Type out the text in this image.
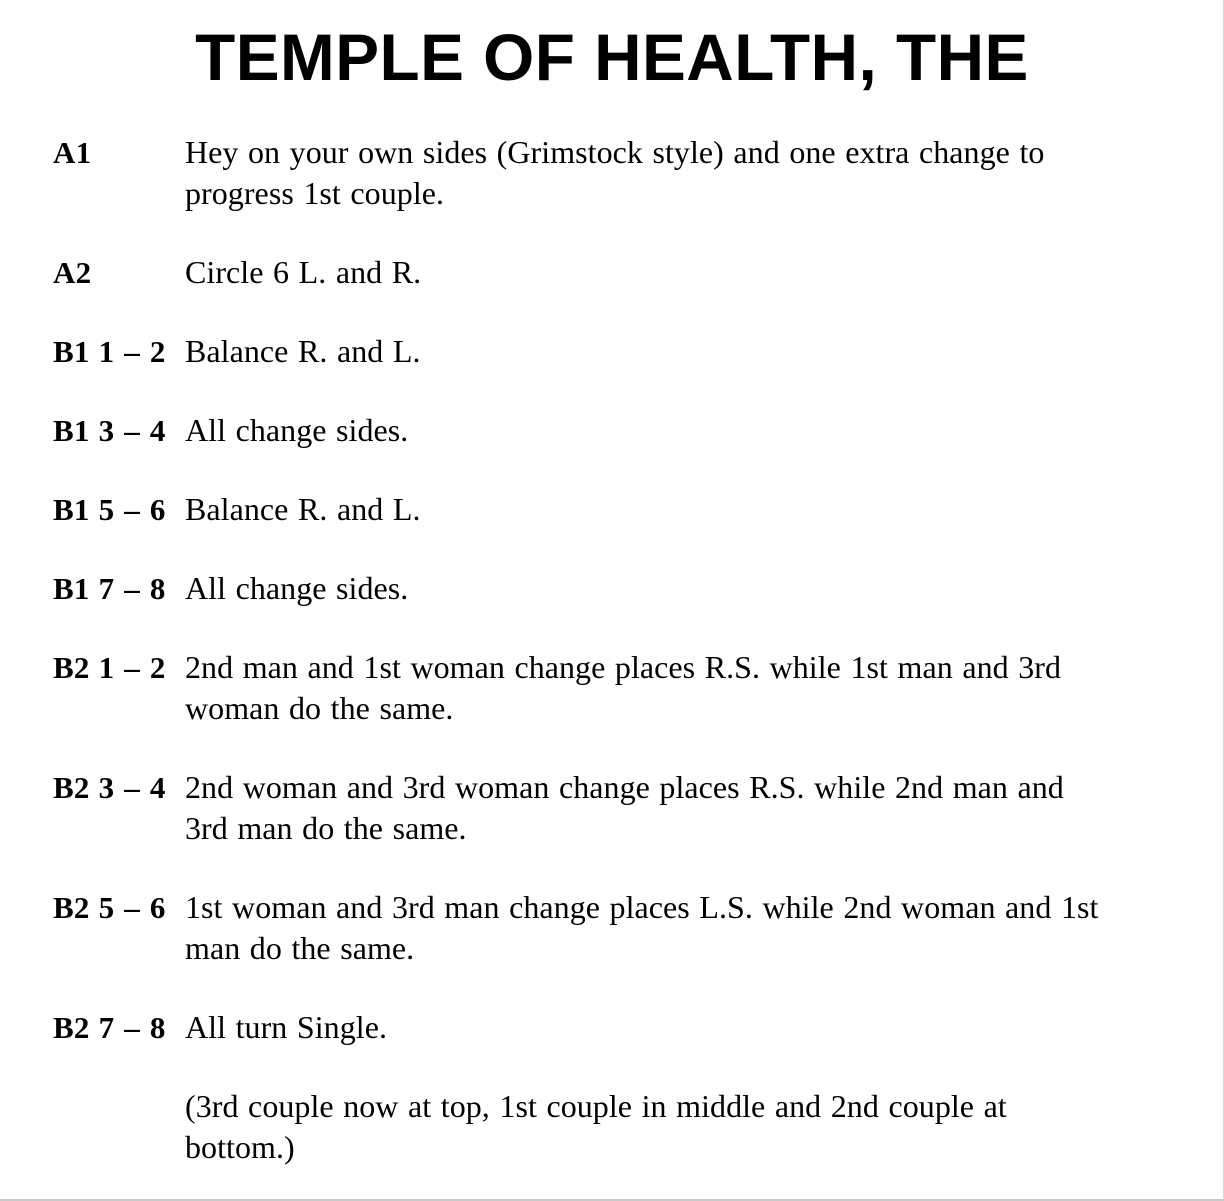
TEMPLE OF HEALTH, THE
A1	Hey on your own sides (Grimstock style) and one extra change to progress 1st couple.
A2	Circle 6 L. and R.
B1 1 – 2 Balance R. and L.
B1 3 – 4 All change sides.
B1 5 – 6 Balance R. and L.
B1 7 – 8 All change sides.
B2 1 – 2 2nd man and 1st woman change places R.S. while 1st man and 3rd woman do the same.
B2 3 – 4 2nd woman and 3rd woman change places R.S. while 2nd man and 3rd man do the same.
B2 5 – 6 1st woman and 3rd man change places L.S. while 2nd woman and 1st man do the same.
B2 7 – 8 All turn Single.
(3rd couple now at top, 1st couple in middle and 2nd couple at bottom.)
